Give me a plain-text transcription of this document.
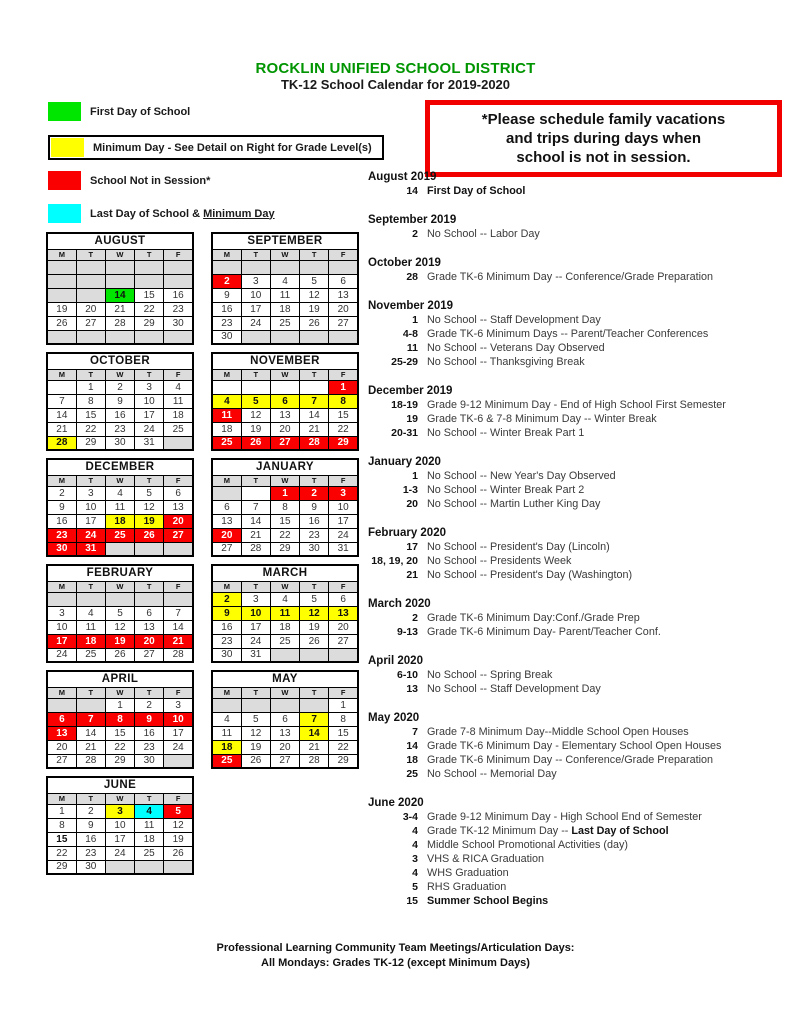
ROCKLIN UNIFIED SCHOOL DISTRICT
TK-12 School Calendar for 2019-2020
First Day of School
Minimum Day - See Detail on Right for Grade Level(s)
School Not in Session*
Last Day of School & Minimum Day
*Please schedule family vacations
and trips during days when
school is not in session.
AUGUST				
M	T	W	T	F

		14	15	16
19	20	21	22	23
26	27	28	29	30

SEPTEMBER				
M	T	W	T	F

2	3	4	5	6
9	10	11	12	13
16	17	18	19	20
23	24	25	26	27
30				
OCTOBER				
M	T	W	T	F
	1	2	3	4
7	8	9	10	11
14	15	16	17	18
21	22	23	24	25
28	29	30	31	
NOVEMBER				
M	T	W	T	F
				1
4	5	6	7	8
11	12	13	14	15
18	19	20	21	22
25	26	27	28	29
DECEMBER				
M	T	W	T	F
2	3	4	5	6
9	10	11	12	13
16	17	18	19	20
23	24	25	26	27
30	31			
JANUARY				
M	T	W	T	F
		1	2	3
6	7	8	9	10
13	14	15	16	17
20	21	22	23	24
27	28	29	30	31
FEBRUARY				
M	T	W	T	F

3	4	5	6	7
10	11	12	13	14
17	18	19	20	21
24	25	26	27	28
MARCH				
M	T	W	T	F
2	3	4	5	6
9	10	11	12	13
16	17	18	19	20
23	24	25	26	27
30	31			
APRIL				
M	T	W	T	F
		1	2	3
6	7	8	9	10
13	14	15	16	17
20	21	22	23	24
27	28	29	30	
MAY				
M	T	W	T	F
				1
4	5	6	7	8
11	12	13	14	15
18	19	20	21	22
25	26	27	28	29
JUNE				
M	T	W	T	F
1	2	3	4	5
8	9	10	11	12
15	16	17	18	19
22	23	24	25	26
29	30			
August 2019
14 First Day of School
September 2019
2 No School -- Labor Day
October 2019
28 Grade TK-6 Minimum Day -- Conference/Grade Preparation
November 2019
1 No School -- Staff Development Day
4-8 Grade TK-6 Minimum Days -- Parent/Teacher Conferences
11 No School -- Veterans Day Observed
25-29 No School -- Thanksgiving Break
December 2019
18-19 Grade 9-12 Minimum Day - End of High School First Semester
19 Grade TK-6 & 7-8 Minimum Day -- Winter Break
20-31 No School -- Winter Break Part 1
January 2020
1 No School -- New Year's Day Observed
1-3 No School -- Winter Break Part 2
20 No School -- Martin Luther King Day
February 2020
17 No School -- President's Day (Lincoln)
18, 19, 20 No School -- Presidents Week
21 No School -- President's Day (Washington)
March 2020
2 Grade TK-6 Minimum Day:Conf./Grade Prep
9-13 Grade TK-6 Minimum Day- Parent/Teacher Conf.
April 2020
6-10 No School -- Spring Break
13 No School -- Staff Development Day
May 2020
7 Grade 7-8 Minimum Day--Middle School Open Houses
14 Grade TK-6 Minimum Day - Elementary School Open Houses
18 Grade TK-6 Minimum Day -- Conference/Grade Preparation
25 No School -- Memorial Day
June 2020
3-4 Grade 9-12 Minimum Day - High School End of Semester
4 Grade TK-12 Minimum Day -- Last Day of School
4 Middle School Promotional Activities (day)
3 VHS & RICA Graduation
4 WHS Graduation
5 RHS Graduation
15 Summer School Begins
Professional Learning Community Team Meetings/Articulation Days:
All Mondays: Grades TK-12 (except Minimum Days)
